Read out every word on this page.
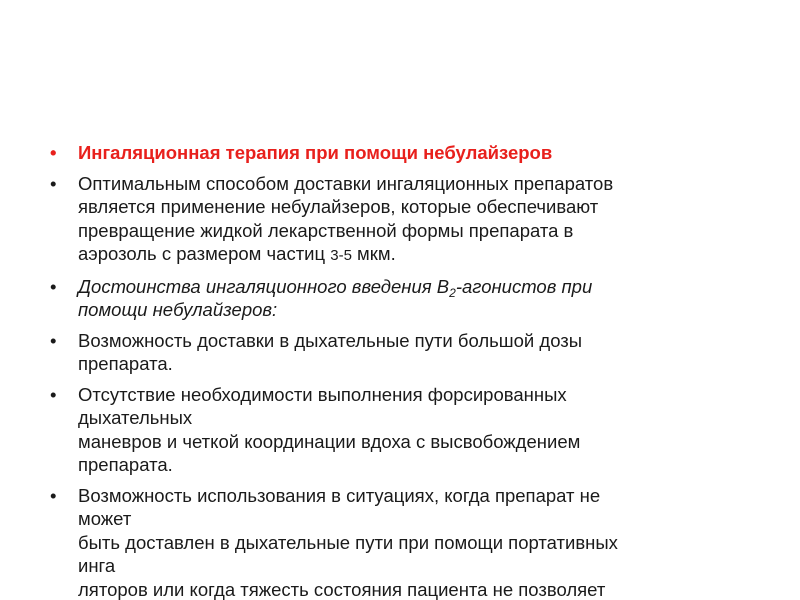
•	Ингаляционная терапия при помощи небулайзеров
•	Оптимальным способом доставки ингаляционных препаратов
является применение небулайзеров, которые обеспечивают
превращение жидкой лекарственной формы препарата в
аэрозоль с размером частиц 3-5 мкм.
•	Достоинства ингаляционного введения $В_2$-агонистов при
помощи небулайзеров:
•	Возможность доставки в дыхательные пути большой дозы
препарата.
•	Отсутствие необходимости выполнения форсированных
дыхательных
маневров и четкой координации вдоха с высвобождением
препарата.
•	Возможность использования в ситуациях, когда препарат не
может
быть доставлен в дыхательные пути при помощи портативных
инга
ляторов или когда тяжесть состояния пациента не позволяет
